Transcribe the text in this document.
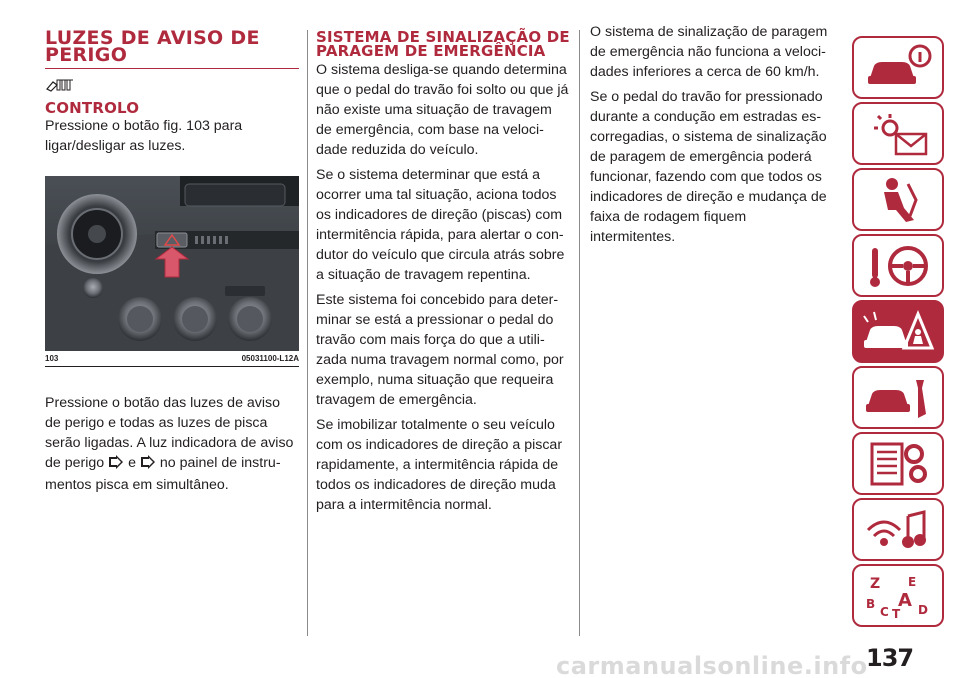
LUZES DE AVISO DE PERIGO
CONTROLO

Pressione o botão fig. 103 para ligar/desligar as luzes.

103	05031100-L12A

Pressione o botão das luzes de aviso de perigo e todas as luzes de pisca serão ligadas. A luz indicadora de aviso de perigo e no painel de instru-mentos pisca em simultâneo.

SISTEMA DE SINALIZAÇÃO DE PARAGEM DE EMERGÊNCIA

O sistema desliga-se quando determina que o pedal do travão foi solto ou que já não existe uma situação de travagem de emergência, com base na veloci-dade reduzida do veículo.

Se o sistema determinar que está a ocorrer uma tal situação, aciona todos os indicadores de direção (piscas) com intermitência rápida, para alertar o con-dutor do veículo que circula atrás sobre a situação de travagem repentina.

Este sistema foi concebido para deter-minar se está a pressionar o pedal do travão com mais força do que a utili-zada numa travagem normal como, por exemplo, numa situação que requeira travagem de emergência.

Se imobilizar totalmente o seu veículo com os indicadores de direção a piscar rapidamente, a intermitência rápida de todos os indicadores de direção muda para a intermitência normal.

O sistema de sinalização de paragem de emergência não funciona a veloci-dades inferiores a cerca de 60 km/h.

Se o pedal do travão for pressionado durante a condução em estradas es-corregadias, o sistema de sinalização de paragem de emergência poderá funcionar, fazendo com que todos os indicadores de direção e mudança de faixa de rodagem fiquem intermitentes.

Z E
B A
C T D
137
carmanualsonline.info
